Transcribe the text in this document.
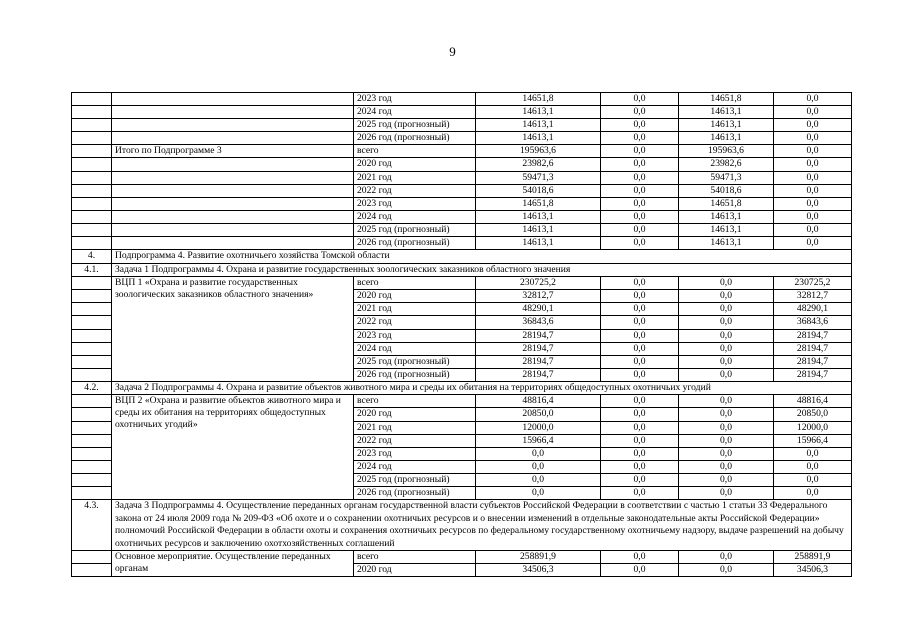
9
		2023 год	14651,8	0,0	14651,8	0,0
		2024 год	14613,1	0,0	14613,1	0,0
		2025 год (прогнозный)	14613,1	0,0	14613,1	0,0
		2026 год (прогнозный)	14613,1	0,0	14613,1	0,0
	Итого по Подпрограмме 3	всего	195963,6	0,0	195963,6	0,0
		2020 год	23982,6	0,0	23982,6	0,0
		2021 год	59471,3	0,0	59471,3	0,0
		2022 год	54018,6	0,0	54018,6	0,0
		2023 год	14651,8	0,0	14651,8	0,0
		2024 год	14613,1	0,0	14613,1	0,0
		2025 год (прогнозный)	14613,1	0,0	14613,1	0,0
		2026 год (прогнозный)	14613,1	0,0	14613,1	0,0
4.	Подпрограмма 4. Развитие охотничьего хозяйства Томской области					
4.1.	Задача 1 Подпрограммы 4. Охрана и развитие государственных зоологических заказников областного значения					
	ВЦП 1 «Охрана и развитие государственных зоологических заказников областного значения»	всего	230725,2	0,0	0,0	230725,2
		2020 год	32812,7	0,0	0,0	32812,7
		2021 год	48290,1	0,0	0,0	48290,1
		2022 год	36843,6	0,0	0,0	36843,6
		2023 год	28194,7	0,0	0,0	28194,7
		2024 год	28194,7	0,0	0,0	28194,7
		2025 год (прогнозный)	28194,7	0,0	0,0	28194,7
		2026 год (прогнозный)	28194,7	0,0	0,0	28194,7
4.2.	Задача 2 Подпрограммы 4. Охрана и развитие объектов животного мира и среды их обитания на территориях общедоступных охотничьих угодий					
	ВЦП 2 «Охрана и развитие объектов животного мира и среды их обитания на территориях общедоступных охотничьих угодий»	всего	48816,4	0,0	0,0	48816,4
		2020 год	20850,0	0,0	0,0	20850,0
		2021 год	12000,0	0,0	0,0	12000,0
		2022 год	15966,4	0,0	0,0	15966,4
		2023 год	0,0	0,0	0,0	0,0
		2024 год	0,0	0,0	0,0	0,0
		2025 год (прогнозный)	0,0	0,0	0,0	0,0
		2026 год (прогнозный)	0,0	0,0	0,0	0,0
4.3.	Задача 3 Подпрограммы 4. Осуществление переданных органам государственной власти субъектов Российской Федерации в соответствии с частью 1 статьи 33 Федерального закона от 24 июля 2009 года № 209-ФЗ «Об охоте и о сохранении охотничьих ресурсов и о внесении изменений в отдельные законодательные акты Российской Федерации» полномочий Российской Федерации в области охоты и сохранения охотничьих ресурсов по федеральному государственному охотничьему надзору, выдаче разрешений на добычу охотничьих ресурсов и заключению охотхозяйственных соглашений					
	Основное мероприятие. Осуществление переданных органам	всего	258891,9	0,0	0,0	258891,9
		2020 год	34506,3	0,0	0,0	34506,3
